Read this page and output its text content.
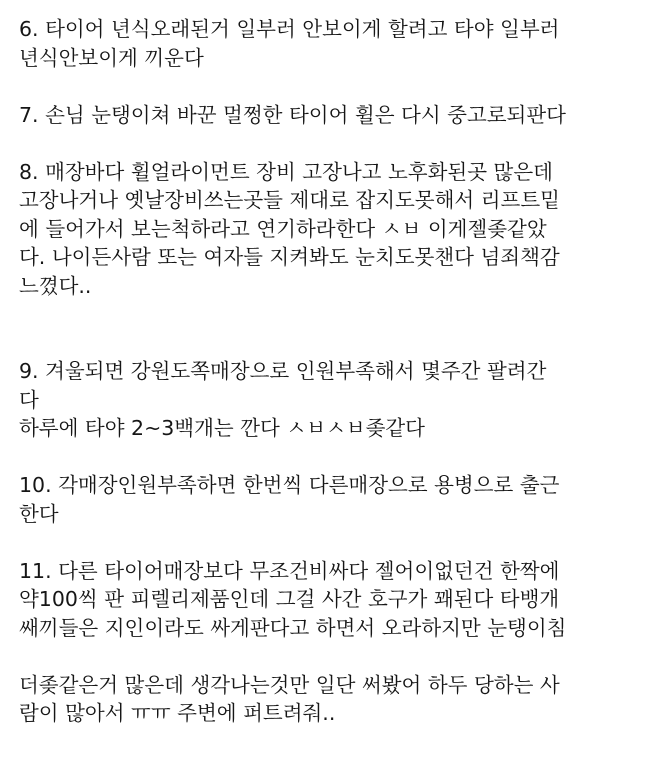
6. 타이어 년식오래된거 일부러 안보이게 할려고 타야 일부러
년식안보이게 끼운다

7. 손님 눈탱이쳐 바꾼 멀쩡한 타이어 휠은 다시 중고로되판다

8. 매장바다 휠얼라이먼트 장비 고장나고 노후화된곳 많은데
고장나거나 옛날장비쓰는곳들 제대로 잡지도못해서 리프트밑
에 들어가서 보는척하라고 연기하라한다 ㅅㅂ 이게젤좆같았
다. 나이든사람 또는 여자들 지켜봐도 눈치도못챈다 넘죄책감
느꼈다..

9. 겨울되면 강원도쪽매장으로 인원부족해서 몇주간 팔려간
다
하루에 타야 2~3백개는 깐다 ㅅㅂㅅㅂ좆같다

10. 각매장인원부족하면 한번씩 다른매장으로 용병으로 출근
한다

11. 다른 타이어매장보다 무조건비싸다 젤어이없던건 한짝에
약100씩 판 피렐리제품인데 그걸 사간 호구가 꽤된다 타뱅개
쌔끼들은 지인이라도 싸게판다고 하면서 오라하지만 눈탱이침

더좆같은거 많은데 생각나는것만 일단 써봤어 하두 당하는 사
람이 많아서 ㅠㅠ 주변에 퍼트려줘..
